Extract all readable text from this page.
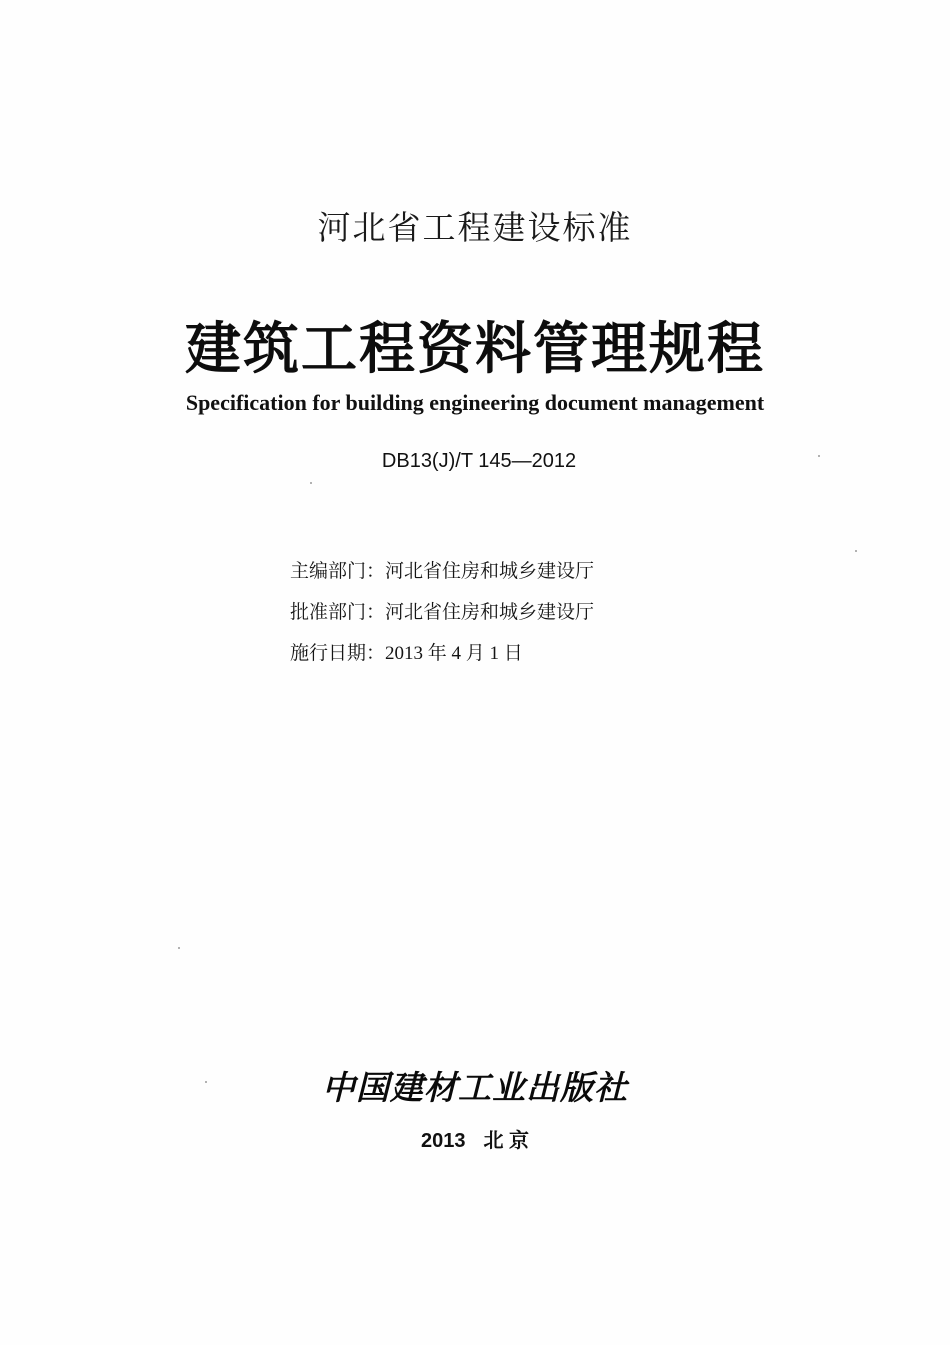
河北省工程建设标准
建筑工程资料管理规程
Specification for building engineering document management
DB13(J)/T 145—2012
主编部门：河北省住房和城乡建设厅
批准部门：河北省住房和城乡建设厅
施行日期：2013 年 4 月 1 日
中国建材工业出版社
2013 北 京
